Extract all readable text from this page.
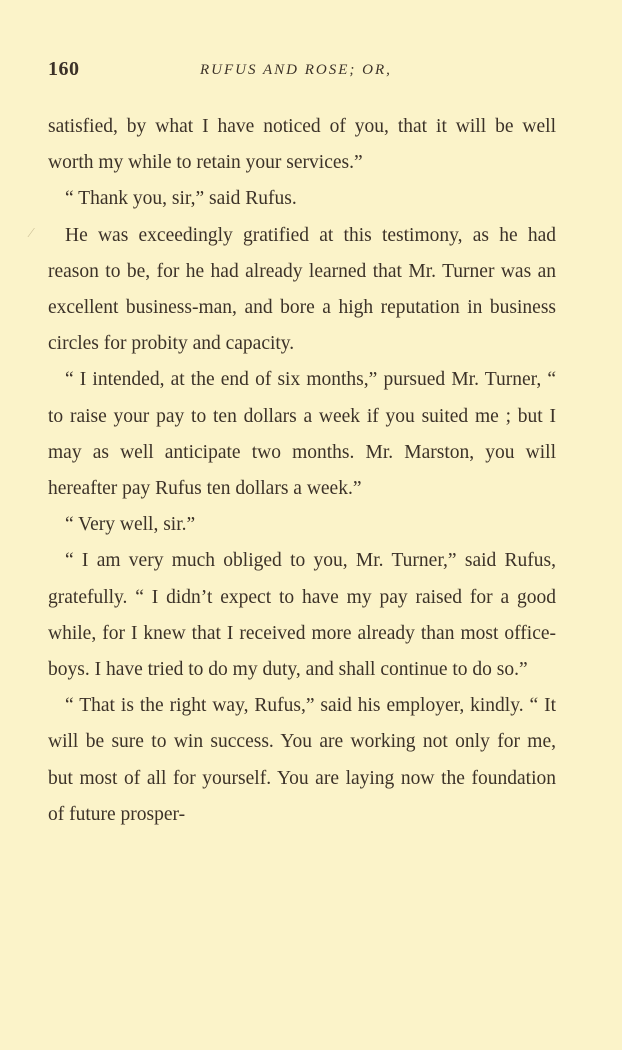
160	RUFUS AND ROSE; OR,
⁄

satisfied, by what I have noticed of you, that it will be well worth my while to retain your services.”

“ Thank you, sir,” said Rufus.

He was exceedingly gratified at this testimony, as he had reason to be, for he had already learned that Mr. Turner was an excellent business-man, and bore a high reputation in business circles for probity and capacity.

“ I intended, at the end of six months,” pursued Mr. Turner, “ to raise your pay to ten dollars a week if you suited me ; but I may as well anticipate two months. Mr. Marston, you will hereafter pay Rufus ten dollars a week.”

“ Very well, sir.”

“ I am very much obliged to you, Mr. Turner,” said Rufus, gratefully. “ I didn’t expect to have my pay raised for a good while, for I knew that I received more already than most office-boys. I have tried to do my duty, and shall continue to do so.”

“ That is the right way, Rufus,” said his employer, kindly. “ It will be sure to win success. You are working not only for me, but most of all for yourself. You are laying now the foundation of future prosper-
